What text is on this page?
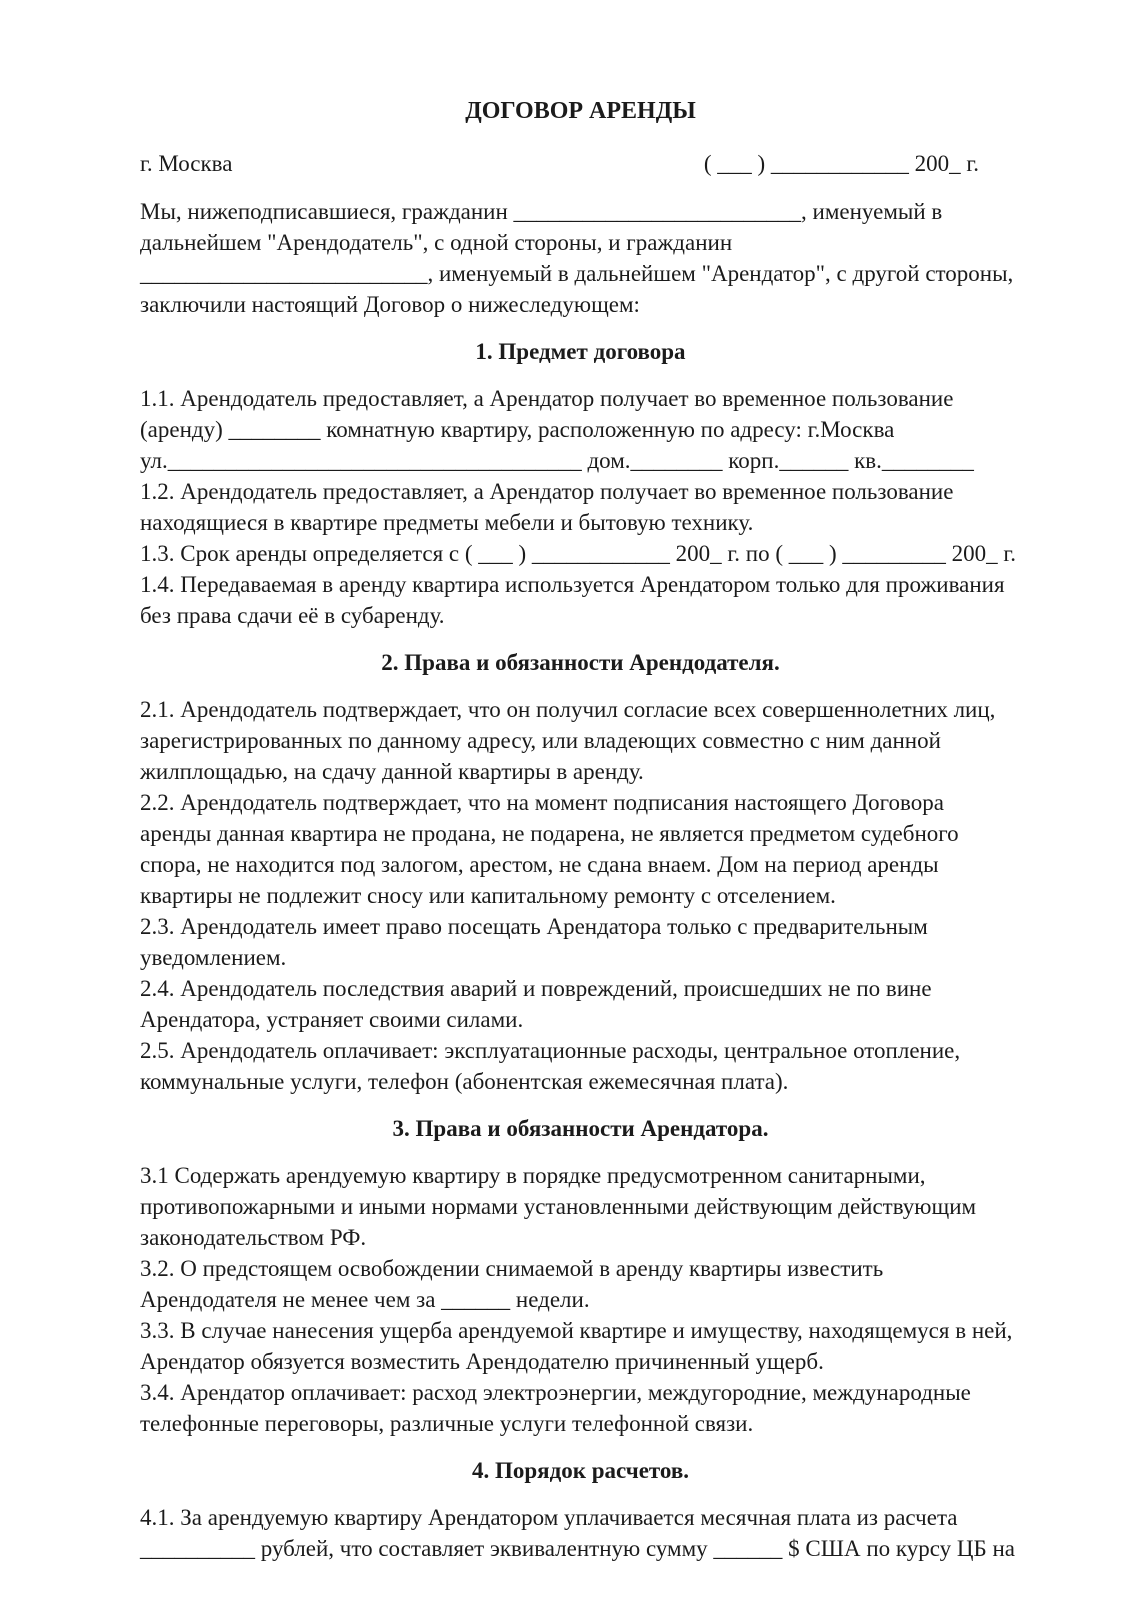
ДОГОВОР АРЕНДЫ
г. Москва	( ___ ) ____________ 200_ г.

Мы, нижеподписавшиеся, гражданин _________________________, именуемый в дальнейшем "Арендодатель", с одной стороны, и гражданин _________________________, именуемый в дальнейшем "Арендатор", с другой стороны, заключили настоящий Договор о нижеследующем:

1. Предмет договора

1.1. Арендодатель предоставляет, а Арендатор получает во временное пользование (аренду) ________ комнатную квартиру, расположенную по адресу: г.Москва ул.____________________________________ дом.________ корп.______ кв.________

1.2. Арендодатель предоставляет, а Арендатор получает во временное пользование находящиеся в квартире предметы мебели и бытовую технику.

1.3. Срок аренды определяется с ( ___ ) ____________ 200_ г. по ( ___ ) _________ 200_ г.

1.4. Передаваемая в аренду квартира используется Арендатором только для проживания без права сдачи её в субаренду.

2. Права и обязанности Арендодателя.

2.1. Арендодатель подтверждает, что он получил согласие всех совершеннолетних лиц, зарегистрированных по данному адресу, или владеющих совместно с ним данной жилплощадью, на сдачу данной квартиры в аренду.

2.2. Арендодатель подтверждает, что на момент подписания настоящего Договора аренды данная квартира не продана, не подарена, не является предметом судебного спора, не находится под залогом, арестом, не сдана внаем. Дом на период аренды квартиры не подлежит сносу или капитальному ремонту с отселением.

2.3. Арендодатель имеет право посещать Арендатора только с предварительным уведомлением.

2.4. Арендодатель последствия аварий и повреждений, происшедших не по вине Арендатора, устраняет своими силами.

2.5. Арендодатель оплачивает: эксплуатационные расходы, центральное отопление, коммунальные услуги, телефон (абонентская ежемесячная плата).

3. Права и обязанности Арендатора.

3.1 Содержать арендуемую квартиру в порядке предусмотренном санитарными, противопожарными и иными нормами установленными действующим действующим законодательством РФ.

3.2. О предстоящем освобождении снимаемой в аренду квартиры известить Арендодателя не менее чем за ______ недели.

3.3. В случае нанесения ущерба арендуемой квартире и имуществу, находящемуся в ней, Арендатор обязуется возместить Арендодателю причиненный ущерб.

3.4. Арендатор оплачивает: расход электроэнергии, междугородние, международные телефонные переговоры, различные услуги телефонной связи.

4. Порядок расчетов.

4.1. За арендуемую квартиру Арендатором уплачивается месячная плата из расчета __________ рублей, что составляет эквивалентную сумму ______ $ США по курсу ЦБ на
